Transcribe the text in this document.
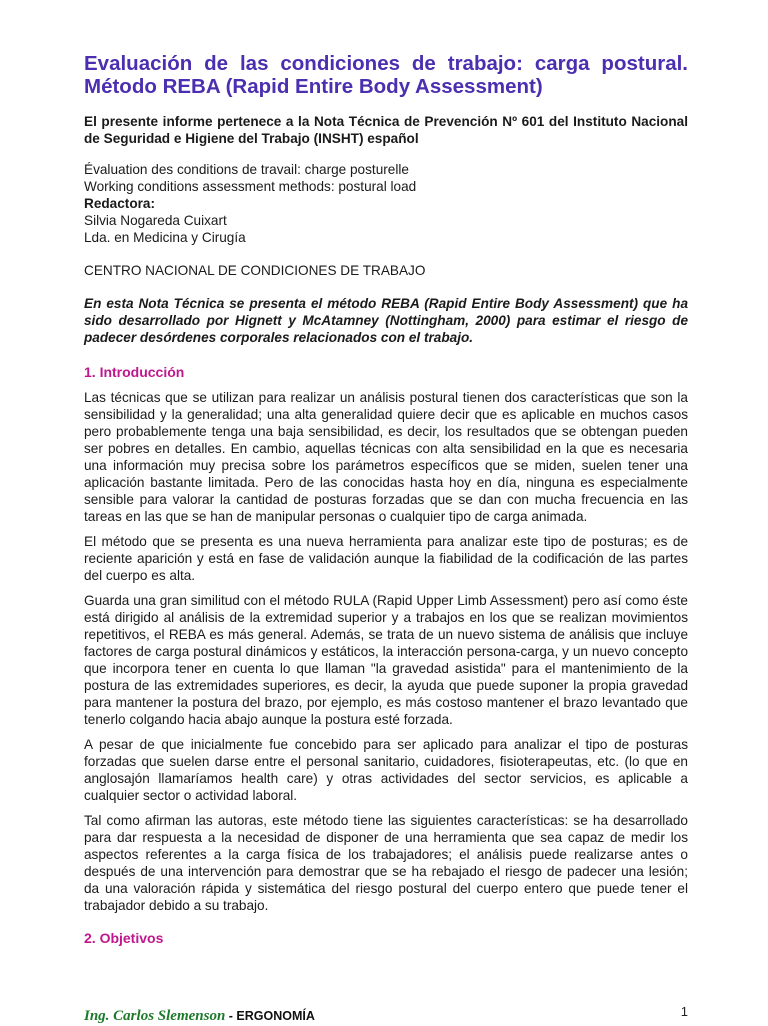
Evaluación de las condiciones de trabajo: carga postural.
Método REBA (Rapid Entire Body Assessment)

El presente informe pertenece a la Nota Técnica de Prevención Nº 601 del Instituto Nacional de Seguridad e Higiene del Trabajo (INSHT) español

Évaluation des conditions de travail: charge posturelle
Working conditions assessment methods: postural load
Redactora:
Silvia Nogareda Cuixart
Lda. en Medicina y Cirugía

CENTRO NACIONAL DE CONDICIONES DE TRABAJO

En esta Nota Técnica se presenta el método REBA (Rapid Entire Body Assessment) que ha sido desarrollado por Hignett y McAtamney (Nottingham, 2000) para estimar el riesgo de padecer desórdenes corporales relacionados con el trabajo.

1. Introducción

Las técnicas que se utilizan para realizar un análisis postural tienen dos características que son la sensibilidad y la generalidad; una alta generalidad quiere decir que es aplicable en muchos casos pero probablemente tenga una baja sensibilidad, es decir, los resultados que se obtengan pueden ser pobres en detalles. En cambio, aquellas técnicas con alta sensibilidad en la que es necesaria una información muy precisa sobre los parámetros específicos que se miden, suelen tener una aplicación bastante limitada. Pero de las conocidas hasta hoy en día, ninguna es especialmente sensible para valorar la cantidad de posturas forzadas que se dan con mucha frecuencia en las tareas en las que se han de manipular personas o cualquier tipo de carga animada.

El método que se presenta es una nueva herramienta para analizar este tipo de posturas; es de reciente aparición y está en fase de validación aunque la fiabilidad de la codificación de las partes del cuerpo es alta.

Guarda una gran similitud con el método RULA (Rapid Upper Limb Assessment) pero así como éste está dirigido al análisis de la extremidad superior y a trabajos en los que se realizan movimientos repetitivos, el REBA es más general. Además, se trata de un nuevo sistema de análisis que incluye factores de carga postural dinámicos y estáticos, la interacción persona-carga, y un nuevo concepto que incorpora tener en cuenta lo que llaman "la gravedad asistida" para el mantenimiento de la postura de las extremidades superiores, es decir, la ayuda que puede suponer la propia gravedad para mantener la postura del brazo, por ejemplo, es más costoso mantener el brazo levantado que tenerlo colgando hacia abajo aunque la postura esté forzada.

A pesar de que inicialmente fue concebido para ser aplicado para analizar el tipo de posturas forzadas que suelen darse entre el personal sanitario, cuidadores, fisioterapeutas, etc. (lo que en anglosajón llamaríamos health care) y otras actividades del sector servicios, es aplicable a cualquier sector o actividad laboral.

Tal como afirman las autoras, este método tiene las siguientes características: se ha desarrollado para dar respuesta a la necesidad de disponer de una herramienta que sea capaz de medir los aspectos referentes a la carga física de los trabajadores; el análisis puede realizarse antes o después de una intervención para demostrar que se ha rebajado el riesgo de padecer una lesión; da una valoración rápida y sistemática del riesgo postural del cuerpo entero que puede tener el trabajador debido a su trabajo.

2. Objetivos
Ing. Carlos Slemenson - ERGONOMÍA	1
